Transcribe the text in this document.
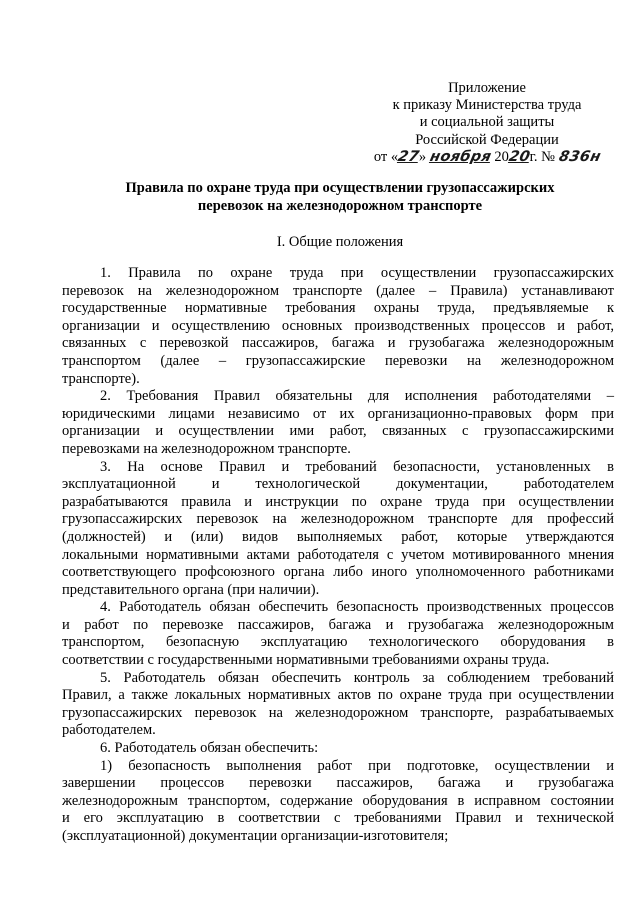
Приложение
к приказу Министерства труда
и социальной защиты
Российской Федерации
от «27» ноября 2020г. № 836н
Правила по охране труда при осуществлении грузопассажирских
перевозок на железнодорожном транспорте
I. Общие положения
1. Правила по охране труда при осуществлении грузопассажирских
перевозок на железнодорожном транспорте (далее – Правила) устанавливают
государственные нормативные требования охраны труда, предъявляемые к
организации и осуществлению основных производственных процессов и работ,
связанных с перевозкой пассажиров, багажа и грузобагажа железнодорожным
транспортом (далее – грузопассажирские перевозки на железнодорожном
транспорте).
2. Требования Правил обязательны для исполнения работодателями –
юридическими лицами независимо от их организационно-правовых форм при
организации и осуществлении ими работ, связанных с грузопассажирскими
перевозками на железнодорожном транспорте.
3. На основе Правил и требований безопасности, установленных в
эксплуатационной и технологической документации, работодателем
разрабатываются правила и инструкции по охране труда при осуществлении
грузопассажирских перевозок на железнодорожном транспорте для профессий
(должностей) и (или) видов выполняемых работ, которые утверждаются
локальными нормативными актами работодателя с учетом мотивированного мнения
соответствующего профсоюзного органа либо иного уполномоченного работниками
представительного органа (при наличии).
4. Работодатель обязан обеспечить безопасность производственных процессов
и работ по перевозке пассажиров, багажа и грузобагажа железнодорожным
транспортом, безопасную эксплуатацию технологического оборудования в
соответствии с государственными нормативными требованиями охраны труда.
5. Работодатель обязан обеспечить контроль за соблюдением требований
Правил, а также локальных нормативных актов по охране труда при осуществлении
грузопассажирских перевозок на железнодорожном транспорте, разрабатываемых
работодателем.
6. Работодатель обязан обеспечить:
1) безопасность выполнения работ при подготовке, осуществлении и
завершении процессов перевозки пассажиров, багажа и грузобагажа
железнодорожным транспортом, содержание оборудования в исправном состоянии
и его эксплуатацию в соответствии с требованиями Правил и технической
(эксплуатационной) документации организации-изготовителя;
